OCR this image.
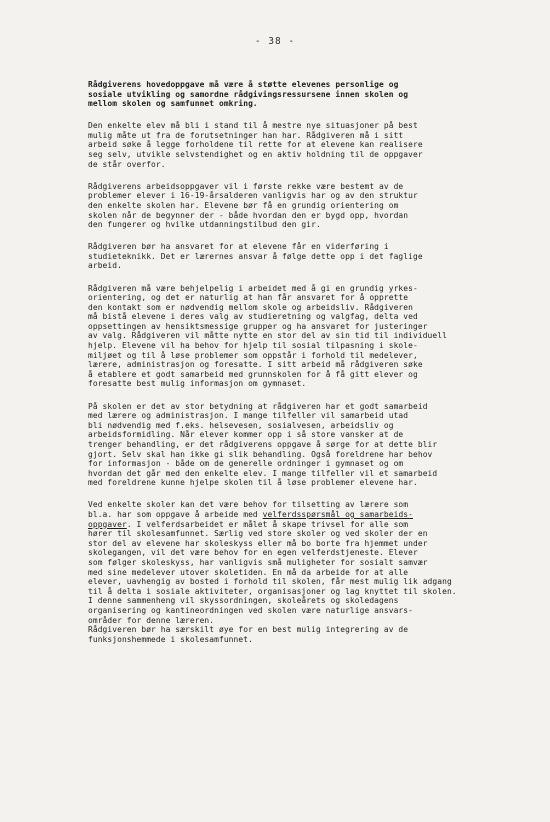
- 38 -
Rådgiverens hovedoppgave må være å støtte elevenes personlige og
sosiale utvikling og samordne rådgivingsressursene innen skolen og
mellom skolen og samfunnet omkring.
Den enkelte elev må bli i stand til å mestre nye situasjoner på best
mulig måte ut fra de forutsetninger han har. Rådgiveren må i sitt
arbeid søke å legge forholdene til rette for at elevene kan realisere
seg selv, utvikle selvstendighet og en aktiv holdning til de oppgaver
de står overfor.
Rådgiverens arbeidsoppgaver vil i første rekke være bestemt av de
problemer elever i 16-19-årsalderen vanligvis har og av den struktur
den enkelte skolen har. Elevene bør få en grundig orientering om
skolen når de begynner der - både hvordan den er bygd opp, hvordan
den fungerer og hvilke utdanningstilbud den gir.
Rådgiveren bør ha ansvaret for at elevene får en viderføring i
studieteknikk. Det er lærernes ansvar å følge dette opp i det faglige
arbeid.
Rådgiveren må være behjelpelig i arbeidet med å gi en grundig yrkes-
orientering, og det er naturlig at han får ansvaret for å opprette
den kontakt som er nødvendig mellom skole og arbeidsliv. Rådgiveren
må bistå elevene i deres valg av studieretning og valgfag, delta ved
oppsettingen av hensiktsmessige grupper og ha ansvaret for justeringer
av valg. Rådgiveren vil måtte nytte en stor del av sin tid til individuell
hjelp. Elevene vil ha behov for hjelp til sosial tilpasning i skole-
miljøet og til å løse problemer som oppstår i forhold til medelever,
lærere, administrasjon og foresatte. I sitt arbeid må rådgiveren søke
å etablere et godt samarbeid med grunnskolen for å få gitt elever og
foresatte best mulig informasjon om gymnaset.
På skolen er det av stor betydning at rådgiveren har et godt samarbeid
med lærere og administrasjon. I mange tilfeller vil samarbeid utad
bli nødvendig med f.eks. helsevesen, sosialvesen, arbeidsliv og
arbeidsformidling. Når elever kommer opp i så store vansker at de
trenger behandling, er det rådgiverens oppgave å sørge for at dette blir
gjort. Selv skal han ikke gi slik behandling. Også foreldrene har behov
for informasjon - både om de generelle ordninger i gymnaset og om
hvordan det går med den enkelte elev. I mange tilfeller vil et samarbeid
med foreldrene kunne hjelpe skolen til å løse problemer elevene har.
Ved enkelte skoler kan det være behov for tilsetting av lærere som
bl.a. har som oppgave å arbeide med velferdsspørsmål og samarbeids-
oppgaver. I velferdsarbeidet er målet å skape trivsel for alle som
hører til skolesamfunnet. Særlig ved store skoler og ved skoler der en
stor del av elevene har skoleskyss eller må bo borte fra hjemmet under
skolegangen, vil det være behov for en egen velferdstjeneste. Elever
som følger skoleskyss, har vanligvis små muligheter for sosialt samvær
med sine medelever utover skoletiden. En må da arbeide for at alle
elever, uavhengig av bosted i forhold til skolen, får mest mulig lik adgang
til å delta i sosiale aktiviteter, organisasjoner og lag knyttet til skolen.
I denne sammenheng vil skyssordningen, skoleårets og skoledagens
organisering og kantineordningen ved skolen være naturlige ansvars-
områder for denne læreren.
Rådgiveren bør ha særskilt øye for en best mulig integrering av de
funksjonshemmede i skolesamfunnet.
